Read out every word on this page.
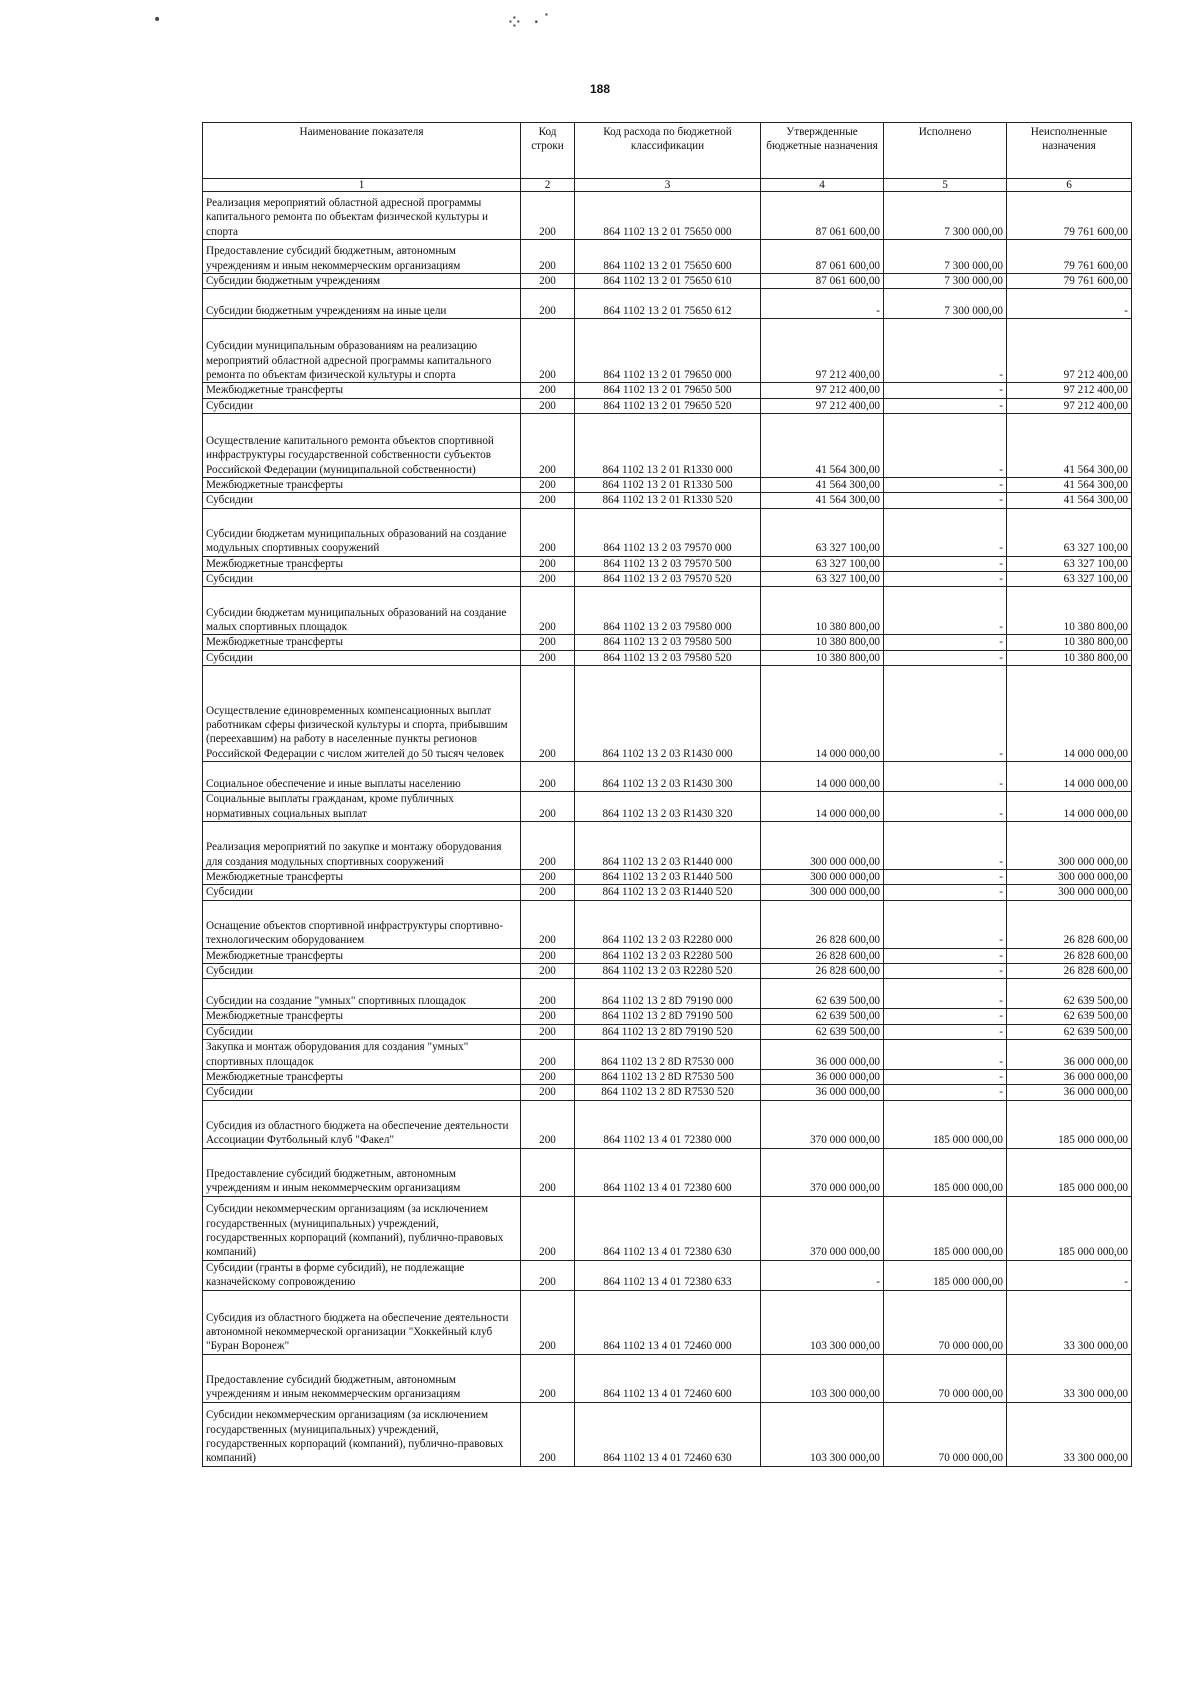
•	⁘ ·˙
188
Наименование показателя	Код строки	Код расхода по бюджетной классификации	Утвержденные бюджетные назначения	Исполнено	Неисполненные назначения
1	2	3	4	5	6
Реализация мероприятий областной адресной программы капитального ремонта по объектам физической культуры и спорта	200	864 1102 13 2 01 75650 000	87 061 600,00	7 300 000,00	79 761 600,00
Предоставление субсидий бюджетным, автономным учреждениям и иным некоммерческим организациям	200	864 1102 13 2 01 75650 600	87 061 600,00	7 300 000,00	79 761 600,00
Субсидии бюджетным учреждениям	200	864 1102 13 2 01 75650 610	87 061 600,00	7 300 000,00	79 761 600,00
Субсидии бюджетным учреждениям на иные цели	200	864 1102 13 2 01 75650 612	-	7 300 000,00	-
Субсидии муниципальным образованиям на реализацию мероприятий областной адресной программы капитального ремонта по объектам физической культуры и спорта	200	864 1102 13 2 01 79650 000	97 212 400,00	-	97 212 400,00
Межбюджетные трансферты	200	864 1102 13 2 01 79650 500	97 212 400,00	-	97 212 400,00
Субсидии	200	864 1102 13 2 01 79650 520	97 212 400,00	-	97 212 400,00
Осуществление капитального ремонта объектов спортивной инфраструктуры государственной собственности субъектов Российской Федерации (муниципальной собственности)	200	864 1102 13 2 01 R1330 000	41 564 300,00	-	41 564 300,00
Межбюджетные трансферты	200	864 1102 13 2 01 R1330 500	41 564 300,00	-	41 564 300,00
Субсидии	200	864 1102 13 2 01 R1330 520	41 564 300,00	-	41 564 300,00
Субсидии бюджетам муниципальных образований на создание модульных спортивных сооружений	200	864 1102 13 2 03 79570 000	63 327 100,00	-	63 327 100,00
Межбюджетные трансферты	200	864 1102 13 2 03 79570 500	63 327 100,00	-	63 327 100,00
Субсидии	200	864 1102 13 2 03 79570 520	63 327 100,00	-	63 327 100,00
Субсидии бюджетам муниципальных образований на создание малых спортивных площадок	200	864 1102 13 2 03 79580 000	10 380 800,00	-	10 380 800,00
Межбюджетные трансферты	200	864 1102 13 2 03 79580 500	10 380 800,00	-	10 380 800,00
Субсидии	200	864 1102 13 2 03 79580 520	10 380 800,00	-	10 380 800,00
Осуществление единовременных компенсационных выплат работникам сферы физической культуры и спорта, прибывшим (переехавшим) на работу в населенные пункты регионов Российской Федерации с числом жителей до 50 тысяч человек	200	864 1102 13 2 03 R1430 000	14 000 000,00	-	14 000 000,00
Социальное обеспечение и иные выплаты населению	200	864 1102 13 2 03 R1430 300	14 000 000,00	-	14 000 000,00
Социальные выплаты гражданам, кроме публичных нормативных социальных выплат	200	864 1102 13 2 03 R1430 320	14 000 000,00	-	14 000 000,00
Реализация мероприятий по закупке и монтажу оборудования для создания модульных спортивных сооружений	200	864 1102 13 2 03 R1440 000	300 000 000,00	-	300 000 000,00
Межбюджетные трансферты	200	864 1102 13 2 03 R1440 500	300 000 000,00	-	300 000 000,00
Субсидии	200	864 1102 13 2 03 R1440 520	300 000 000,00	-	300 000 000,00
Оснащение объектов спортивной инфраструктуры спортивно-технологическим оборудованием	200	864 1102 13 2 03 R2280 000	26 828 600,00	-	26 828 600,00
Межбюджетные трансферты	200	864 1102 13 2 03 R2280 500	26 828 600,00	-	26 828 600,00
Субсидии	200	864 1102 13 2 03 R2280 520	26 828 600,00	-	26 828 600,00
Субсидии на создание "умных" спортивных площадок	200	864 1102 13 2 8D 79190 000	62 639 500,00	-	62 639 500,00
Межбюджетные трансферты	200	864 1102 13 2 8D 79190 500	62 639 500,00	-	62 639 500,00
Субсидии	200	864 1102 13 2 8D 79190 520	62 639 500,00	-	62 639 500,00
Закупка и монтаж оборудования для создания "умных" спортивных площадок	200	864 1102 13 2 8D R7530 000	36 000 000,00	-	36 000 000,00
Межбюджетные трансферты	200	864 1102 13 2 8D R7530 500	36 000 000,00	-	36 000 000,00
Субсидии	200	864 1102 13 2 8D R7530 520	36 000 000,00	-	36 000 000,00
Субсидия из областного бюджета на обеспечение деятельности Ассоциации Футбольный клуб "Факел"	200	864 1102 13 4 01 72380 000	370 000 000,00	185 000 000,00	185 000 000,00
Предоставление субсидий бюджетным, автономным учреждениям и иным некоммерческим организациям	200	864 1102 13 4 01 72380 600	370 000 000,00	185 000 000,00	185 000 000,00
Субсидии некоммерческим организациям (за исключением государственных (муниципальных) учреждений, государственных корпораций (компаний), публично-правовых компаний)	200	864 1102 13 4 01 72380 630	370 000 000,00	185 000 000,00	185 000 000,00
Субсидии (гранты в форме субсидий), не подлежащие казначейскому сопровождению	200	864 1102 13 4 01 72380 633	-	185 000 000,00	-
Субсидия из областного бюджета на обеспечение деятельности автономной некоммерческой организации "Хоккейный клуб "Буран Воронеж"	200	864 1102 13 4 01 72460 000	103 300 000,00	70 000 000,00	33 300 000,00
Предоставление субсидий бюджетным, автономным учреждениям и иным некоммерческим организациям	200	864 1102 13 4 01 72460 600	103 300 000,00	70 000 000,00	33 300 000,00
Субсидии некоммерческим организациям (за исключением государственных (муниципальных) учреждений, государственных корпораций (компаний), публично-правовых компаний)	200	864 1102 13 4 01 72460 630	103 300 000,00	70 000 000,00	33 300 000,00
